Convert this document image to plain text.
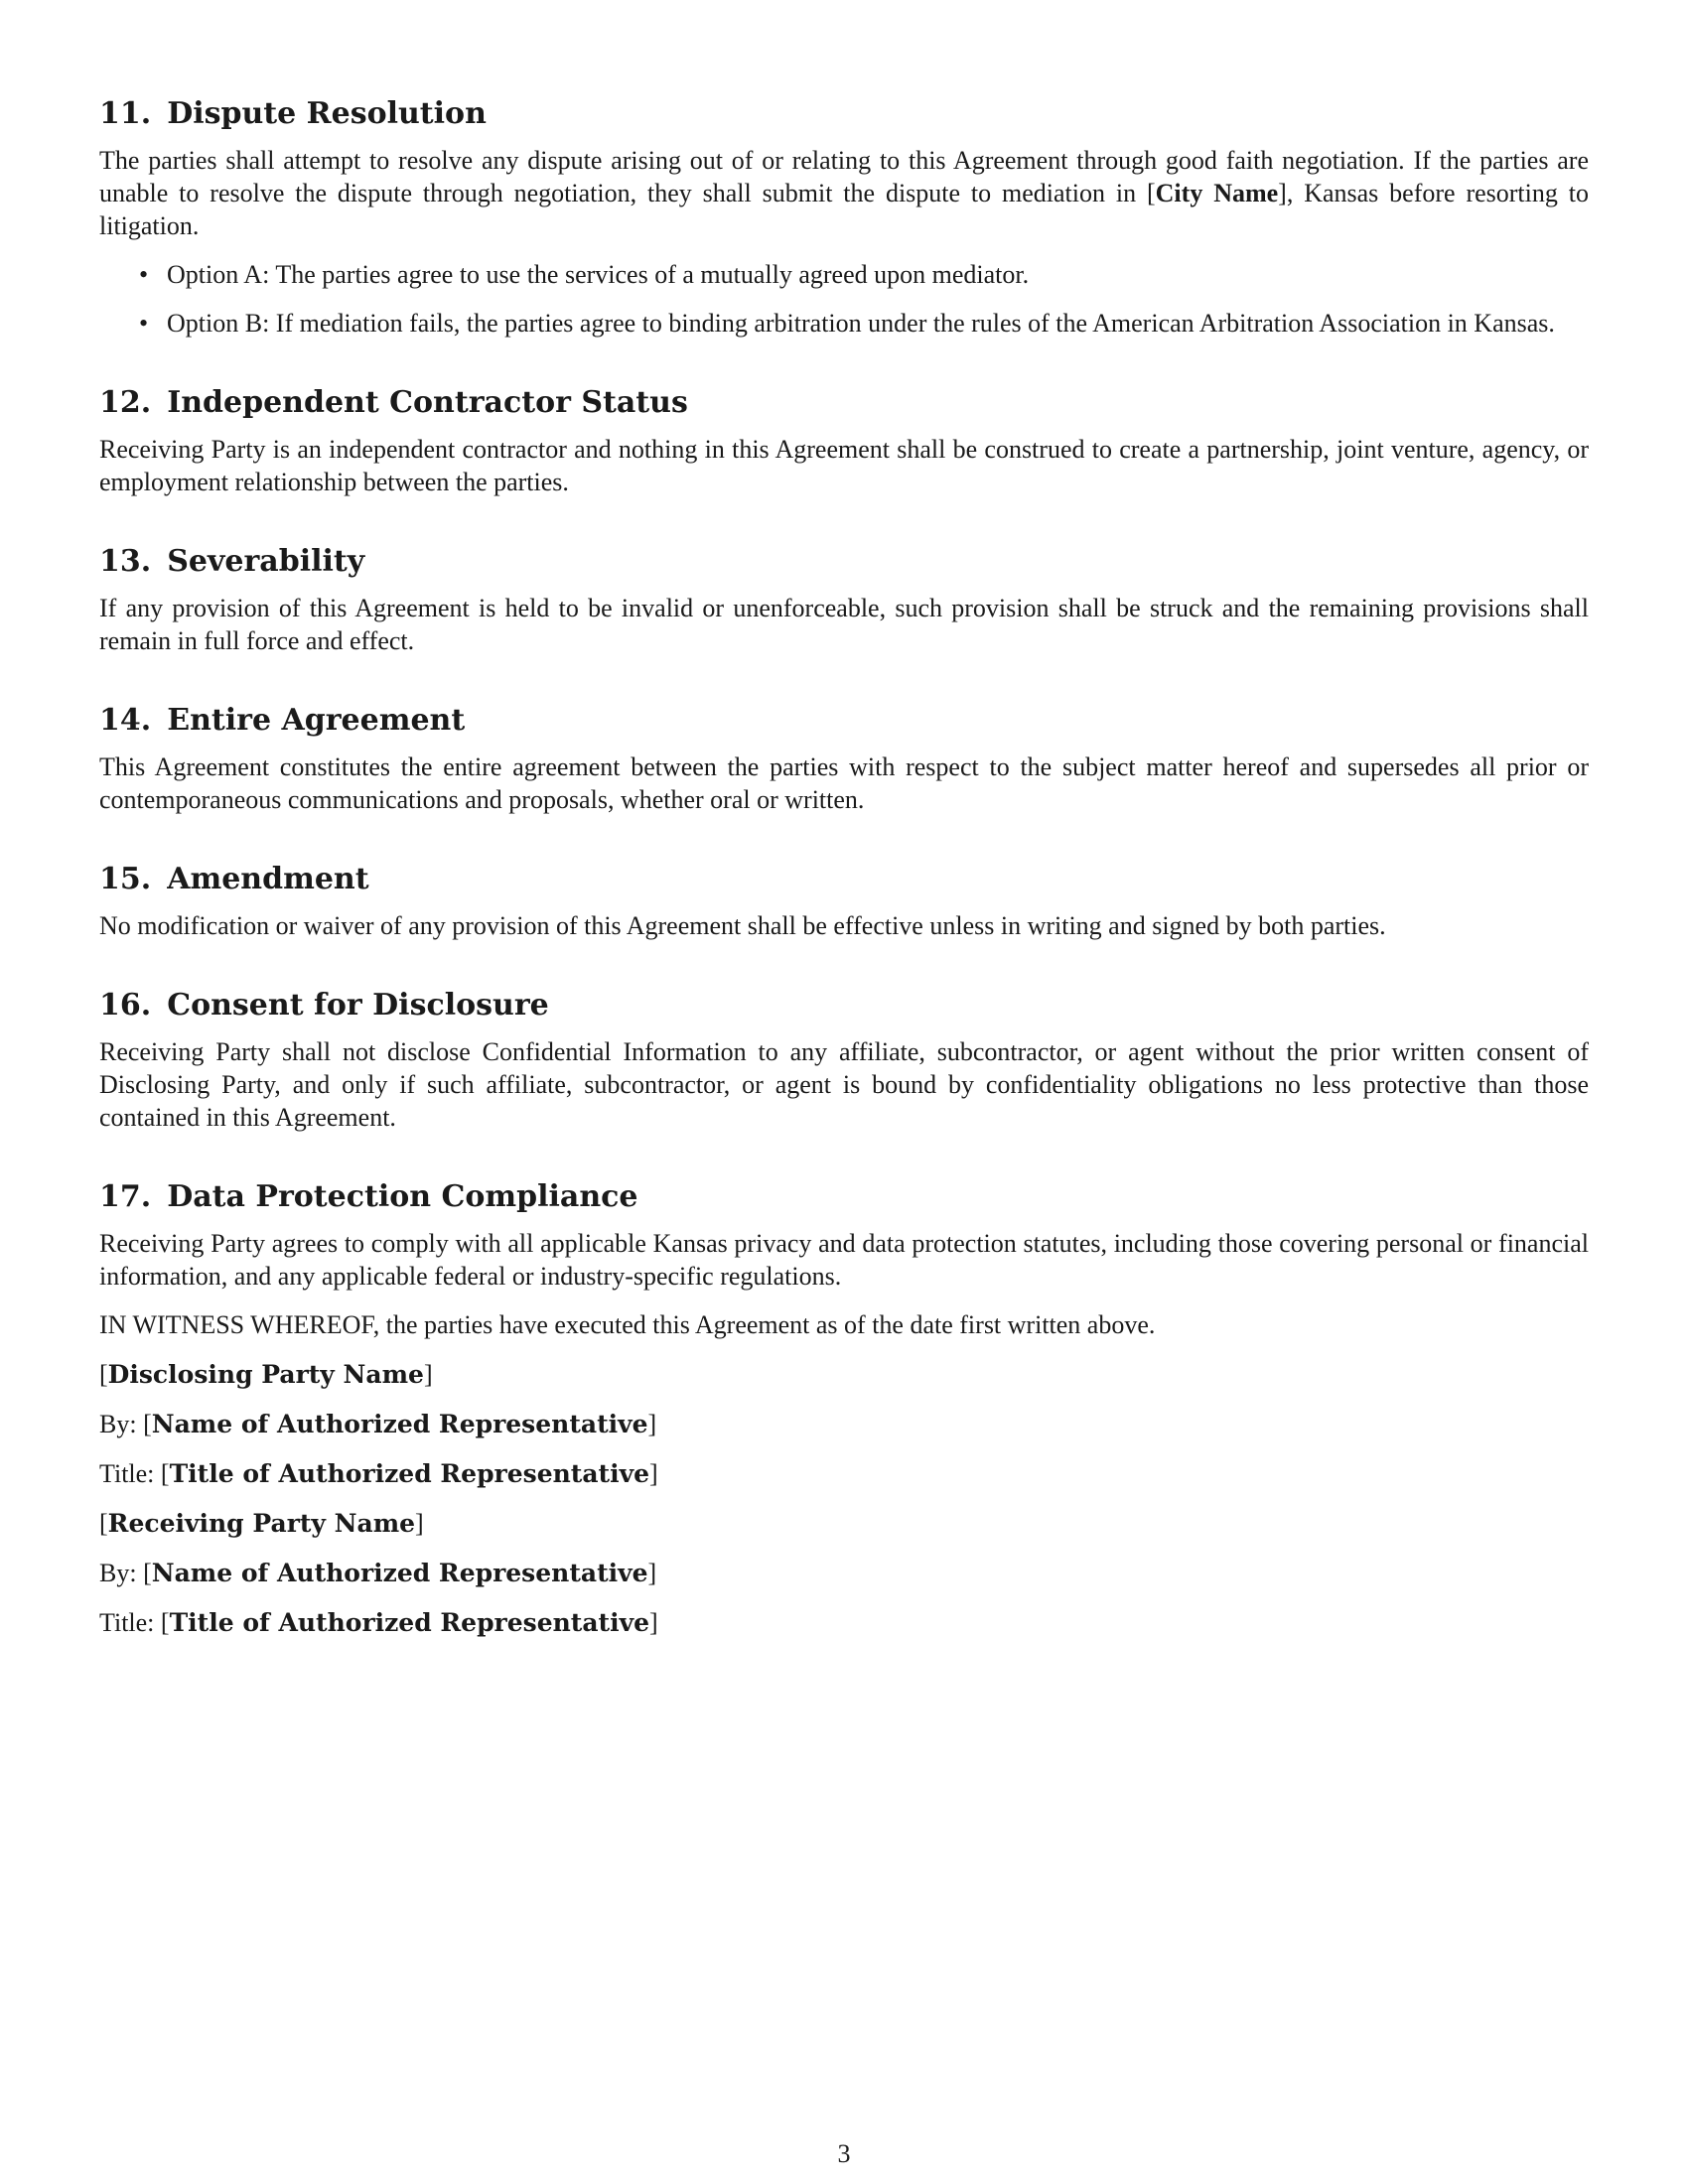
11. Dispute Resolution

The parties shall attempt to resolve any dispute arising out of or relating to this Agreement through good faith negotiation. If the parties are unable to resolve the dispute through negotiation, they shall submit the dispute to mediation in [City Name], Kansas before resorting to litigation.

• Option A: The parties agree to use the services of a mutually agreed upon mediator.
• Option B: If mediation fails, the parties agree to binding arbitration under the rules of the American Arbitration Association in Kansas.
12. Independent Contractor Status

Receiving Party is an independent contractor and nothing in this Agreement shall be construed to create a partnership, joint venture, agency, or employment relationship between the parties.

13. Severability

If any provision of this Agreement is held to be invalid or unenforceable, such provision shall be struck and the remaining provisions shall remain in full force and effect.

14. Entire Agreement

This Agreement constitutes the entire agreement between the parties with respect to the subject matter hereof and supersedes all prior or contemporaneous communications and proposals, whether oral or written.

15. Amendment

No modification or waiver of any provision of this Agreement shall be effective unless in writing and signed by both parties.

16. Consent for Disclosure

Receiving Party shall not disclose Confidential Information to any affiliate, subcontractor, or agent without the prior written consent of Disclosing Party, and only if such affiliate, subcontractor, or agent is bound by confidentiality obligations no less protective than those contained in this Agreement.

17. Data Protection Compliance

Receiving Party agrees to comply with all applicable Kansas privacy and data protection statutes, including those covering personal or financial information, and any applicable federal or industry-specific regulations.

IN WITNESS WHEREOF, the parties have executed this Agreement as of the date first written above.

[Disclosing Party Name]

By: [Name of Authorized Representative]

Title: [Title of Authorized Representative]

[Receiving Party Name]

By: [Name of Authorized Representative]

Title: [Title of Authorized Representative]

3
